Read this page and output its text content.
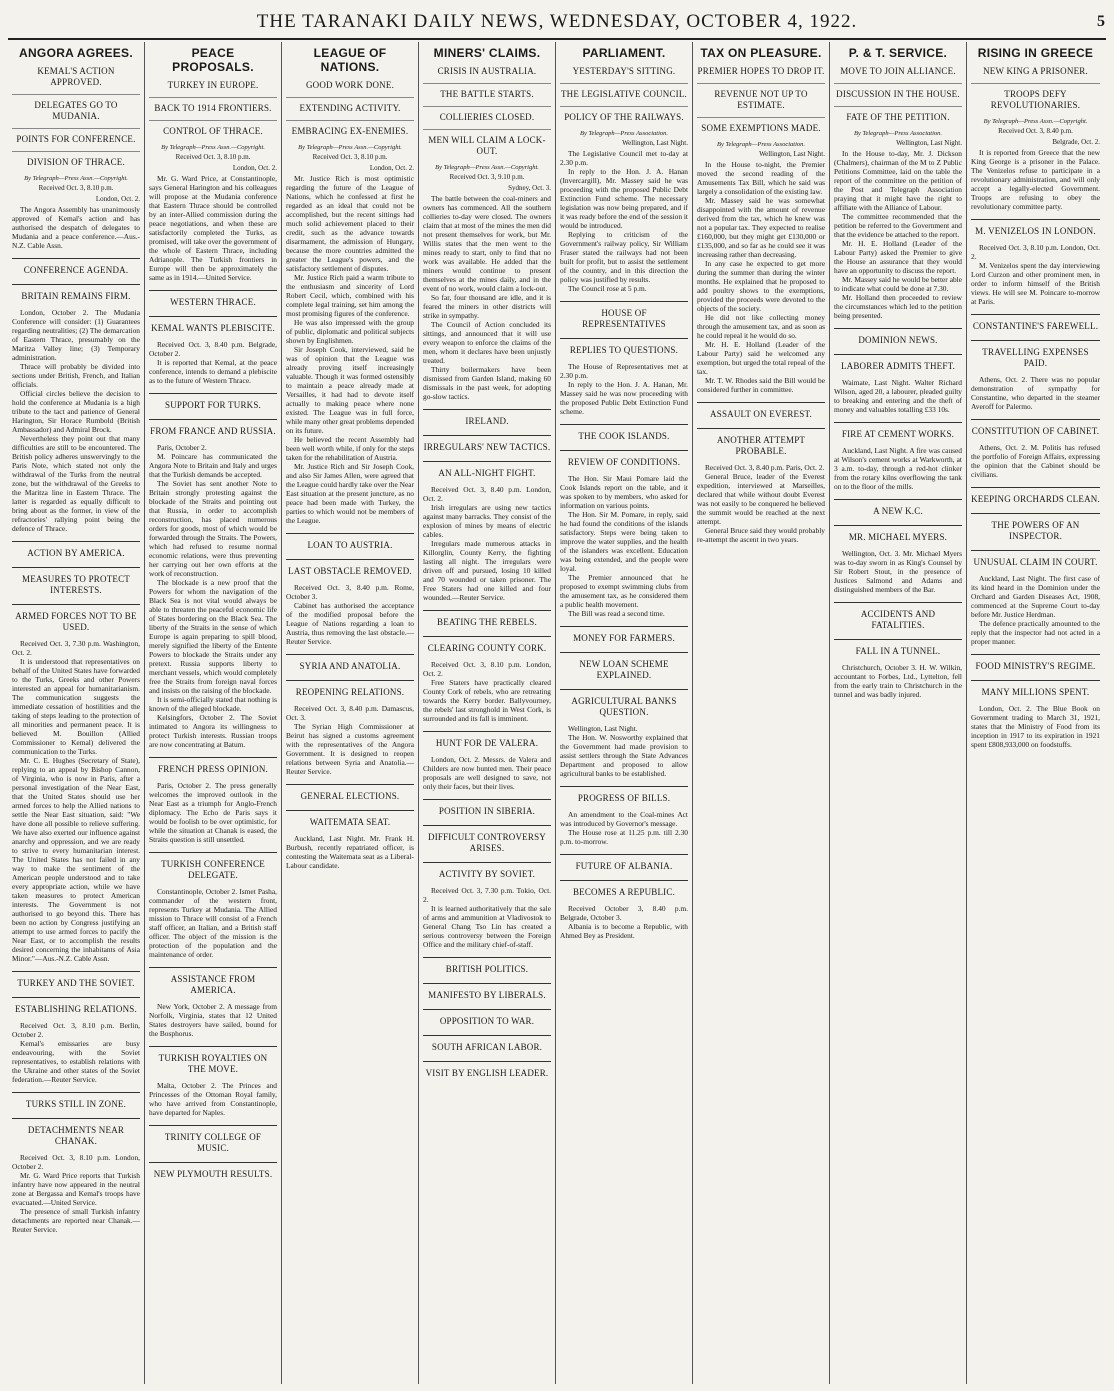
THE TARANAKI DAILY NEWS, WEDNESDAY, OCTOBER 4, 1922.	5
ANGORA AGREES.
KEMAL'S ACTION APPROVED.
DELEGATES GO TO MUDANIA.
POINTS FOR CONFERENCE.
DIVISION OF THRACE.
By Telegraph—Press Assn.—Copyright.
Received Oct. 3, 8.10 p.m.
London, Oct. 2.

The Angora Assembly has unanimously approved of Kemal's action and has authorised the despatch of delegates to Mudania and a peace conference.—Aus.-N.Z. Cable Assn.

CONFERENCE AGENDA.
BRITAIN REMAINS FIRM.

London, October 2. The Mudania Conference will consider: (1) Guarantees regarding neutralities; (2) The demarcation of Eastern Thrace, presumably on the Maritza Valley line; (3) Temporary administration.

Thrace will probably be divided into sections under British, French, and Italian officials.

Official circles believe the decision to hold the conference at Mudania is a high tribute to the tact and patience of General Harington, Sir Horace Rumbold (British Ambassador) and Admiral Brock.

Nevertheless they point out that many difficulties are still to be encountered. The British policy adheres unswervingly to the Paris Note, which stated not only the withdrawal of the Turks from the neutral zone, but the withdrawal of the Greeks to the Maritza line in Eastern Thrace. The latter is regarded as equally difficult to bring about as the former, in view of the refractories' rallying point being the defence of Thrace.

ACTION BY AMERICA.
MEASURES TO PROTECT INTERESTS.
ARMED FORCES NOT TO BE USED.

Received Oct. 3, 7.30 p.m. Washington, Oct. 2.

It is understood that representatives on behalf of the United States have forwarded to the Turks, Greeks and other Powers interested an appeal for humanitarianism. The communication suggests the immediate cessation of hostilities and the taking of steps leading to the protection of all minorities and permanent peace. It is believed M. Bouillon (Allied Commissioner to Kemal) delivered the communication to the Turks.

Mr. C. E. Hughes (Secretary of State), replying to an appeal by Bishop Cannon, of Virginia, who is now in Paris, after a personal investigation of the Near East, that the United States should use her armed forces to help the Allied nations to settle the Near East situation, said: "We have done all possible to relieve suffering. We have also exerted our influence against anarchy and oppression, and we are ready to strive to every humanitarian interest. The United States has not failed in any way to make the sentiment of the American people understood and to take every appropriate action, while we have taken measures to protect American interests. The Government is not authorised to go beyond this. There has been no action by Congress justifying an attempt to use armed forces to pacify the Near East, or to accomplish the results desired concerning the inhabitants of Asia Minor."—Aus.-N.Z. Cable Assn.

TURKEY AND THE SOVIET.
ESTABLISHING RELATIONS.

Received Oct. 3, 8.10 p.m. Berlin, October 2.

Kemal's emissaries are busy endeavouring, with the Soviet representatives, to establish relations with the Ukraine and other states of the Soviet federation.—Reuter Service.

TURKS STILL IN ZONE.
DETACHMENTS NEAR CHANAK.

Received Oct. 3, 8.10 p.m. London, October 2.

Mr. G. Ward Price reports that Turkish infantry have now appeared in the neutral zone at Bergassa and Kemal's troops have evacuated.—United Service.

The presence of small Turkish infantry detachments are reported near Chanak.—Reuter Service.

PEACE PROPOSALS.
TURKEY IN EUROPE.
BACK TO 1914 FRONTIERS.
CONTROL OF THRACE.
By Telegraph—Press Assn.—Copyright.
Received Oct. 3, 8.10 p.m.
London, Oct. 2.

Mr. G. Ward Price, at Constantinople, says General Harington and his colleagues will propose at the Mudania conference that Eastern Thrace should be controlled by an inter-Allied commission during the peace negotiations, and when these are satisfactorily completed the Turks, as promised, will take over the government of the whole of Eastern Thrace, including Adrianople. The Turkish frontiers in Europe will then be approximately the same as in 1914.—United Service.

WESTERN THRACE.
KEMAL WANTS PLEBISCITE.

Received Oct. 3, 8.40 p.m. Belgrade, October 2.

It is reported that Kemal, at the peace conference, intends to demand a plebiscite as to the future of Western Thrace.

SUPPORT FOR TURKS.
FROM FRANCE AND RUSSIA.

Paris, October 2.

M. Poincare has communicated the Angora Note to Britain and Italy and urges that the Turkish demands be accepted.

The Soviet has sent another Note to Britain strongly protesting against the blockade of the Straits and pointing out that Russia, in order to accomplish reconstruction, has placed numerous orders for goods, most of which would be forwarded through the Straits. The Powers, which had refused to resume normal economic relations, were thus preventing her carrying out her own efforts at the work of reconstruction.

The blockade is a new proof that the Powers for whom the navigation of the Black Sea is not vital would always be able to threaten the peaceful economic life of States bordering on the Black Sea. The liberty of the Straits in the sense of which Europe is again preparing to spill blood, merely signified the liberty of the Entente Powers to blockade the Straits under any pretext. Russia supports liberty to merchant vessels, which would completely free the Straits from foreign naval forces and insists on the raising of the blockade.

It is semi-officially stated that nothing is known of the alleged blockade.

Kelsingfors, October 2. The Soviet intimated to Angora its willingness to protect Turkish interests. Russian troops are now concentrating at Batum.

FRENCH PRESS OPINION.

Paris, October 2. The press generally welcomes the improved outlook in the Near East as a triumph for Anglo-French diplomacy. The Echo de Paris says it would be foolish to be over optimistic, for while the situation at Chanak is eased, the Straits question is still unsettled.

TURKISH CONFERENCE DELEGATE.

Constantinople, October 2. Ismet Pasha, commander of the western front, represents Turkey at Mudania. The Allied mission to Thrace will consist of a French staff officer, an Italian, and a British staff officer. The object of the mission is the protection of the population and the maintenance of order.

ASSISTANCE FROM AMERICA.

New York, October 2. A message from Norfolk, Virginia, states that 12 United States destroyers have sailed, bound for the Bosphorus.

TURKISH ROYALTIES ON THE MOVE.

Malta, October 2. The Princes and Princesses of the Ottoman Royal family, who have arrived from Constantinople, have departed for Naples.

TRINITY COLLEGE OF MUSIC.
NEW PLYMOUTH RESULTS.
LEAGUE OF NATIONS.
GOOD WORK DONE.
EXTENDING ACTIVITY.
EMBRACING EX-ENEMIES.
By Telegraph—Press Assn.—Copyright.
Received Oct. 3, 8.10 p.m.
London, Oct. 2.

Mr. Justice Rich is most optimistic regarding the future of the League of Nations, which he confessed at first he regarded as an ideal that could not be accomplished, but the recent sittings had much solid achievement placed to their credit, such as the advance towards disarmament, the admission of Hungary, because the more countries admitted the greater the League's powers, and the satisfactory settlement of disputes.

Mr. Justice Rich paid a warm tribute to the enthusiasm and sincerity of Lord Robert Cecil, which, combined with his complete legal training, set him among the most promising figures of the conference.

He was also impressed with the group of public, diplomatic and political subjects shown by Englishmen.

Sir Joseph Cook, interviewed, said he was of opinion that the League was already proving itself increasingly valuable. Though it was formed ostensibly to maintain a peace already made at Versailles, it had had to devote itself actually to making peace where none existed. The League was in full force, while many other great problems depended on its future.

He believed the recent Assembly had been well worth while, if only for the steps taken for the rehabilitation of Austria.

Mr. Justice Rich and Sir Joseph Cook, and also Sir James Allen, were agreed that the League could hardly take over the Near East situation at the present juncture, as no peace had been made with Turkey, the parties to which would not be members of the League.

LOAN TO AUSTRIA.
LAST OBSTACLE REMOVED.

Received Oct. 3, 8.40 p.m. Rome, October 3.

Cabinet has authorised the acceptance of the modified proposal before the League of Nations regarding a loan to Austria, thus removing the last obstacle.—Reuter Service.

SYRIA AND ANATOLIA.
REOPENING RELATIONS.

Received Oct. 3, 8.40 p.m. Damascus, Oct. 3.

The Syrian High Commissioner at Beirut has signed a customs agreement with the representatives of the Angora Government. It is designed to reopen relations between Syria and Anatolia.—Reuter Service.

GENERAL ELECTIONS.
WAITEMATA SEAT.

Auckland, Last Night. Mr. Frank H. Burbush, recently repatriated officer, is contesting the Waitemata seat as a Liberal-Labour candidate.

MINERS' CLAIMS.
CRISIS IN AUSTRALIA.
THE BATTLE STARTS.
COLLIERIES CLOSED.
MEN WILL CLAIM A LOCK-OUT.
By Telegraph—Press Assn.—Copyright.
Received Oct. 3, 9.10 p.m.
Sydney, Oct. 3.

The battle between the coal-miners and owners has commenced. All the southern collieries to-day were closed. The owners claim that at most of the mines the men did not present themselves for work, but Mr. Willis states that the men went to the mines ready to start, only to find that no work was available. He added that the miners would continue to present themselves at the mines daily, and in the event of no work, would claim a lock-out.

So far, four thousand are idle, and it is feared the miners in other districts will strike in sympathy.

The Council of Action concluded its sittings, and announced that it will use every weapon to enforce the claims of the men, whom it declares have been unjustly treated.

Thirty boilermakers have been dismissed from Garden Island, making 60 dismissals in the past week, for adopting go-slow tactics.

IRELAND.
IRREGULARS' NEW TACTICS.
AN ALL-NIGHT FIGHT.

Received Oct. 3, 8.40 p.m. London, Oct. 2.

Irish irregulars are using new tactics against many barracks. They consist of the explosion of mines by means of electric cables.

Irregulars made numerous attacks in Killorglin, County Kerry, the fighting lasting all night. The irregulars were driven off and pursued, losing 10 killed and 70 wounded or taken prisoner. The Free Staters had one killed and four wounded.—Reuter Service.

BEATING THE REBELS.
CLEARING COUNTY CORK.

Received Oct. 3, 8.10 p.m. London, Oct. 2.

Free Staters have practically cleared County Cork of rebels, who are retreating towards the Kerry border. Ballyvourney, the rebels' last stronghold in West Cork, is surrounded and its fall is imminent.

HUNT FOR DE VALERA.

London, Oct. 2. Messrs. de Valera and Childers are now hunted men. Their peace proposals are well designed to save, not only their faces, but their lives.

POSITION IN SIBERIA.
DIFFICULT CONTROVERSY ARISES.
ACTIVITY BY SOVIET.

Received Oct. 3, 7.30 p.m. Tokio, Oct. 2.

It is learned authoritatively that the sale of arms and ammunition at Vladivostok to General Chang Tso Lin has created a serious controversy between the Foreign Office and the military chief-of-staff.

BRITISH POLITICS.
MANIFESTO BY LIBERALS.
OPPOSITION TO WAR.
SOUTH AFRICAN LABOR.
VISIT BY ENGLISH LEADER.
PARLIAMENT.
YESTERDAY'S SITTING.
THE LEGISLATIVE COUNCIL.
POLICY OF THE RAILWAYS.
By Telegraph—Press Association.
Wellington, Last Night.

The Legislative Council met to-day at 2.30 p.m.

In reply to the Hon. J. A. Hanan (Invercargill), Mr. Massey said he was proceeding with the proposed Public Debt Extinction Fund scheme. The necessary legislation was now being prepared, and if it was ready before the end of the session it would be introduced.

Replying to criticism of the Government's railway policy, Sir William Fraser stated the railways had not been built for profit, but to assist the settlement of the country, and in this direction the policy was justified by results.

The Council rose at 5 p.m.

HOUSE OF REPRESENTATIVES
REPLIES TO QUESTIONS.

The House of Representatives met at 2.30 p.m.

In reply to the Hon. J. A. Hanan, Mr. Massey said he was now proceeding with the proposed Public Debt Extinction Fund scheme.

THE COOK ISLANDS.
REVIEW OF CONDITIONS.

The Hon. Sir Maui Pomare laid the Cook Islands report on the table, and it was spoken to by members, who asked for information on various points.

The Hon. Sir M. Pomare, in reply, said he had found the conditions of the islands satisfactory. Steps were being taken to improve the water supplies, and the health of the islanders was excellent. Education was being extended, and the people were loyal.

The Premier announced that he proposed to exempt swimming clubs from the amusement tax, as he considered them a public health movement.

The Bill was read a second time.

MONEY FOR FARMERS.
NEW LOAN SCHEME EXPLAINED.
AGRICULTURAL BANKS QUESTION.

Wellington, Last Night.

The Hon. W. Nosworthy explained that the Government had made provision to assist settlers through the State Advances Department and proposed to allow agricultural banks to be established.

PROGRESS OF BILLS.

An amendment to the Coal-mines Act was introduced by Governor's message.

The House rose at 11.25 p.m. till 2.30 p.m. to-morrow.

FUTURE OF ALBANIA.
BECOMES A REPUBLIC.

Received October 3, 8.40 p.m. Belgrade, October 3.

Albania is to become a Republic, with Ahmed Bey as President.

TAX ON PLEASURE.
PREMIER HOPES TO DROP IT.
REVENUE NOT UP TO ESTIMATE.
SOME EXEMPTIONS MADE.
By Telegraph—Press Association.
Wellington, Last Night.

In the House to-night, the Premier moved the second reading of the Amusements Tax Bill, which he said was largely a consolidation of the existing law.

Mr. Massey said he was somewhat disappointed with the amount of revenue derived from the tax, which he knew was not a popular tax. They expected to realise £160,000, but they might get £130,000 or £135,000, and so far as he could see it was increasing rather than decreasing.

In any case he expected to get more during the summer than during the winter months. He explained that he proposed to add poultry shows to the exemptions, provided the proceeds were devoted to the objects of the society.

He did not like collecting money through the amusement tax, and as soon as he could repeal it he would do so.

Mr. H. E. Holland (Leader of the Labour Party) said he welcomed any exemption, but urged the total repeal of the tax.

Mr. T. W. Rhodes said the Bill would be considered further in committee.

ASSAULT ON EVEREST.
ANOTHER ATTEMPT PROBABLE.

Received Oct. 3, 8.40 p.m. Paris, Oct. 2.

General Bruce, leader of the Everest expedition, interviewed at Marseilles, declared that while without doubt Everest was not easily to be conquered he believed the summit would be reached at the next attempt.

General Bruce said they would probably re-attempt the ascent in two years.

P. & T. SERVICE.
MOVE TO JOIN ALLIANCE.
DISCUSSION IN THE HOUSE.
FATE OF THE PETITION.
By Telegraph—Press Association.
Wellington, Last Night.

In the House to-day, Mr. J. Dickson (Chalmers), chairman of the M to Z Public Petitions Committee, laid on the table the report of the committee on the petition of the Post and Telegraph Association praying that it might have the right to affiliate with the Alliance of Labour.

The committee recommended that the petition be referred to the Government and that the evidence be attached to the report.

Mr. H. E. Holland (Leader of the Labour Party) asked the Premier to give the House an assurance that they would have an opportunity to discuss the report.

Mr. Massey said he would be better able to indicate what could be done at 7.30.

Mr. Holland then proceeded to review the circumstances which led to the petition being presented.

DOMINION NEWS.
LABORER ADMITS THEFT.

Waimate, Last Night. Walter Richard Wilson, aged 20, a labourer, pleaded guilty to breaking and entering and the theft of money and valuables totalling £33 10s.

FIRE AT CEMENT WORKS.

Auckland, Last Night. A fire was caused at Wilson's cement works at Warkworth, at 3 a.m. to-day, through a red-hot clinker from the rotary kilns overflowing the tank on to the floor of the mills.

A NEW K.C.
MR. MICHAEL MYERS.

Wellington, Oct. 3. Mr. Michael Myers was to-day sworn in as King's Counsel by Sir Robert Stout, in the presence of Justices Salmond and Adams and distinguished members of the Bar.

ACCIDENTS AND FATALITIES.
FALL IN A TUNNEL.

Christchurch, October 3. H. W. Wilkin, accountant to Forbes, Ltd., Lyttelton, fell from the early train to Christchurch in the tunnel and was badly injured.

RISING IN GREECE
NEW KING A PRISONER.
TROOPS DEFY REVOLUTIONARIES.
By Telegraph—Press Assn.—Copyright.
Received Oct. 3, 8.40 p.m.
Belgrade, Oct. 2.

It is reported from Greece that the new King George is a prisoner in the Palace. The Venizelos refuse to participate in a revolutionary administration, and will only accept a legally-elected Government. Troops are refusing to obey the revolutionary committee party.

M. VENIZELOS IN LONDON.

Received Oct. 3, 8.10 p.m. London, Oct. 2.

M. Venizelos spent the day interviewing Lord Curzon and other prominent men, in order to inform himself of the British views. He will see M. Poincare to-morrow at Paris.

CONSTANTINE'S FAREWELL.
TRAVELLING EXPENSES PAID.

Athens, Oct. 2. There was no popular demonstration of sympathy for Constantine, who departed in the steamer Averoff for Palermo.

CONSTITUTION OF CABINET.

Athens, Oct. 2. M. Politis has refused the portfolio of Foreign Affairs, expressing the opinion that the Cabinet should be civilians.

KEEPING ORCHARDS CLEAN.
THE POWERS OF AN INSPECTOR.
UNUSUAL CLAIM IN COURT.

Auckland, Last Night. The first case of its kind heard in the Dominion under the Orchard and Garden Diseases Act, 1908, commenced at the Supreme Court to-day before Mr. Justice Herdman.

The defence practically amounted to the reply that the inspector had not acted in a proper manner.

FOOD MINISTRY'S REGIME.
MANY MILLIONS SPENT.

London, Oct. 2. The Blue Book on Government trading to March 31, 1921, states that the Ministry of Food from its inception in 1917 to its expiration in 1921 spent £808,933,000 on foodstuffs.
